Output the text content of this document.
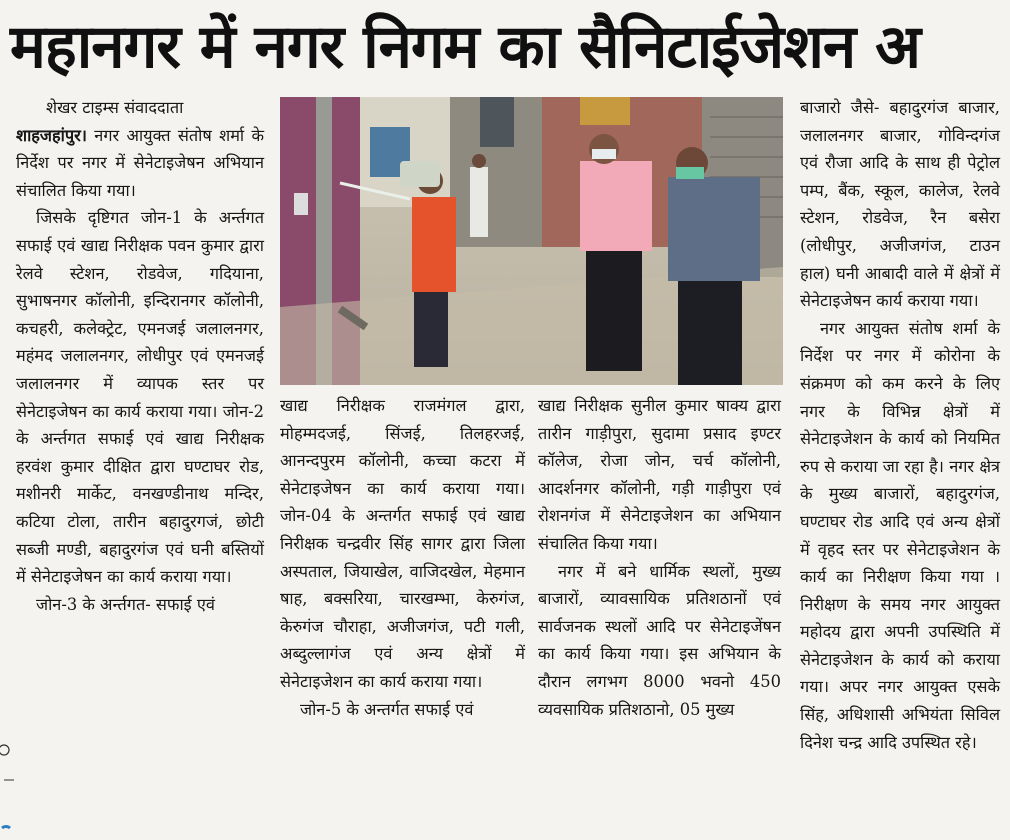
महानगर में नगर निगम का सैनिटाईजेशन अ

शेखर टाइम्स संवाददाता

शाहजहांपुर। नगर आयुक्त संतोष शर्मा के निर्देश पर नगर में सेनेटाइजेषन अभियान संचालित किया गया।

जिसके दृष्टिगत जोन-1 के अर्न्तगत सफाई एवं खाद्य निरीक्षक पवन कुमार द्वारा रेलवे स्टेशन, रोडवेज, गदियाना, सुभाषनगर कॉलोनी, इन्दिरानगर कॉलोनी, कचहरी, कलेक्ट्रेट, एमनजई जलालनगर, महंमद जलालनगर, लोधीपुर एवं एमनजई जलालनगर में व्यापक स्तर पर सेनेटाइजेषन का कार्य कराया गया। जोन-2 के अर्न्तगत सफाई एवं खाद्य निरीक्षक हरवंश कुमार दीक्षित द्वारा घण्टाघर रोड, मशीनरी मार्केट, वनखण्डीनाथ मन्दिर, कटिया टोला, तारीन बहादुरगजं, छोटी सब्जी मण्डी, बहादुरगंज एवं घनी बस्तियों में सेनेटाइजेषन का कार्य कराया गया।

जोन-3 के अर्न्तगत- सफाई एवं

खाद्य निरीक्षक राजमंगल द्वारा, मोहम्मदजई, सिंजई, तिलहरजई, आनन्दपुरम कॉलोनी, कच्चा कटरा में सेनेटाइजेषन का कार्य कराया गया। जोन-04 के अन्तर्गत सफाई एवं खाद्य निरीक्षक चन्द्रवीर सिंह सागर द्वारा जिला अस्पताल, जियाखेल, वाजिदखेल, मेहमान षाह, बक्सरिया, चारखम्भा, केरुगंज, केरुगंज चौराहा, अजीजगंज, पटी गली, अब्दुल्लागंज एवं अन्य क्षेत्रों में सेनेटाइजेशन का कार्य कराया गया।

जोन-5 के अन्तर्गत सफाई एवं

खाद्य निरीक्षक सुनील कुमार षाक्य द्वारा तारीन गाड़ीपुरा, सुदामा प्रसाद इण्टर कॉलेज, रोजा जोन, चर्च कॉलोनी, आदर्शनगर कॉलोनी, गड़ी गाड़ीपुरा एवं रोशनगंज में सेनेटाइजेशन का अभियान संचालित किया गया।

नगर में बने धार्मिक स्थलों, मुख्य बाजारों, व्यावसायिक प्रतिशठानों एवं सार्वजनक स्थलों आदि पर सेनेटाइजेंषन का कार्य किया गया। इस अभियान के दौरान लगभग 8000 भवनो 450 व्यवसायिक प्रतिशठानो, 05 मुख्य

बाजारो जैसे- बहादुरगंज बाजार, जलालनगर बाजार, गोविन्दगंज एवं रौजा आदि के साथ ही पेट्रोल पम्प, बैंक, स्कूल, कालेज, रेलवे स्टेशन, रोडवेज, रैन बसेरा (लोधीपुर, अजीजगंज, टाउन हाल) घनी आबादी वाले में क्षेत्रों में सेनेटाइजेषन कार्य कराया गया।

नगर आयुक्त संतोष शर्मा के निर्देश पर नगर में कोरोना के संक्रमण को कम करने के लिए नगर के विभिन्न क्षेत्रों में सेनेटाइजेशन के कार्य को नियमित रुप से कराया जा रहा है। नगर क्षेत्र के मुख्य बाजारों, बहादुरगंज, घण्टाघर रोड आदि एवं अन्य क्षेत्रों में वृहद स्तर पर सेनेटाइजेशन के कार्य का निरीक्षण किया गया । निरीक्षण के समय नगर आयुक्त महोदय द्वारा अपनी उपस्थिति में सेनेटाइजेशन के कार्य को कराया गया। अपर नगर आयुक्त एसके सिंह, अधिशासी अभियंता सिविल दिनेश चन्द्र आदि उपस्थित रहे।
